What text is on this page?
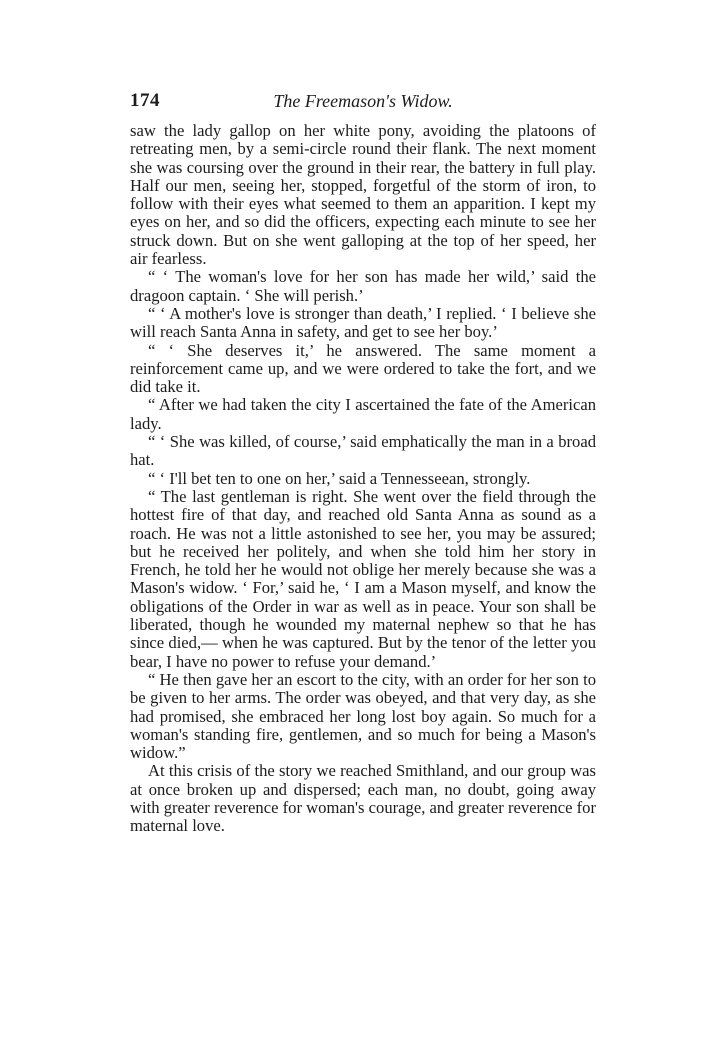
174	The Freemason's Widow.

saw the lady gallop on her white pony, avoiding the platoons of retreating men, by a semi-circle round their flank. The next moment she was coursing over the ground in their rear, the battery in full play. Half our men, seeing her, stopped, forgetful of the storm of iron, to follow with their eyes what seemed to them an apparition. I kept my eyes on her, and so did the officers, expecting each minute to see her struck down. But on she went galloping at the top of her speed, her air fearless.

“ ‘ The woman's love for her son has made her wild,’ said the dragoon captain. ‘ She will perish.’

“ ‘ A mother's love is stronger than death,’ I replied. ‘ I believe she will reach Santa Anna in safety, and get to see her boy.’

“ ‘ She deserves it,’ he answered. The same moment a reinforcement came up, and we were ordered to take the fort, and we did take it.

“ After we had taken the city I ascertained the fate of the American lady.

“ ‘ She was killed, of course,’ said emphatically the man in a broad hat.

“ ‘ I'll bet ten to one on her,’ said a Tennesseean, strongly.

“ The last gentleman is right. She went over the field through the hottest fire of that day, and reached old Santa Anna as sound as a roach. He was not a little astonished to see her, you may be assured; but he received her politely, and when she told him her story in French, he told her he would not oblige her merely because she was a Mason's widow. ‘ For,’ said he, ‘ I am a Mason myself, and know the obligations of the Order in war as well as in peace. Your son shall be liberated, though he wounded my maternal nephew so that he has since died,— when he was captured. But by the tenor of the letter you bear, I have no power to refuse your demand.’

“ He then gave her an escort to the city, with an order for her son to be given to her arms. The order was obeyed, and that very day, as she had promised, she embraced her long lost boy again. So much for a woman's standing fire, gentlemen, and so much for being a Mason's widow.”

At this crisis of the story we reached Smithland, and our group was at once broken up and dispersed; each man, no doubt, going away with greater reverence for woman's courage, and greater reverence for maternal love.
